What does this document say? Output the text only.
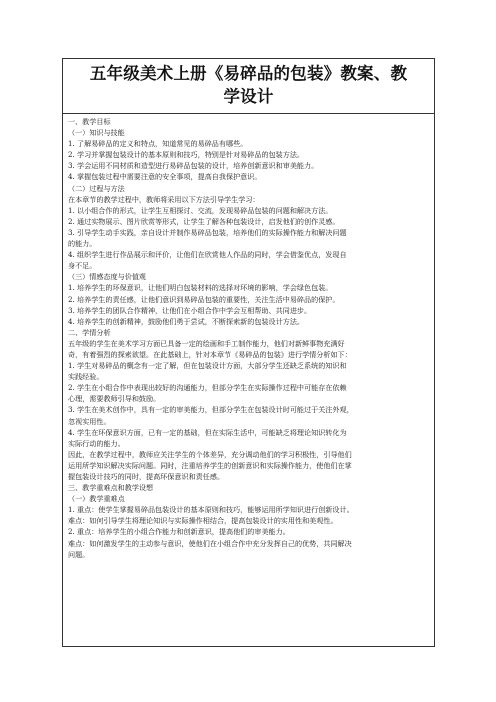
五年级美术上册《易碎品的包装》教案、教
学设计
一、教学目标
（一）知识与技能
1. 了解易碎品的定义和特点，知道常见的易碎品有哪些。
2. 学习并掌握包装设计的基本原则和技巧，特别是针对易碎品的包装方法。
3. 学会运用不同材质和造型进行易碎品包装的设计，培养创新意识和审美能力。
4. 掌握包装过程中需要注意的安全事项，提高自我保护意识。
（二）过程与方法
在本章节的教学过程中，教师将采用以下方法引导学生学习：
1. 以小组合作的形式，让学生互相探讨、交流，发现易碎品包装的问题和解决方法。
2. 通过实物展示、图片欣赏等形式，让学生了解各种包装设计，启发他们的创作灵感。
3. 引导学生动手实践，亲自设计并制作易碎品包装，培养他们的实际操作能力和解决问题
的能力。
4. 组织学生进行作品展示和评价，让他们在欣赏他人作品的同时，学会借鉴优点，发现自
身不足。
（三）情感态度与价值观
1. 培养学生的环保意识，让他们明白包装材料的选择对环境的影响，学会绿色包装。
2. 培养学生的责任感，让他们意识到易碎品包装的重要性，关注生活中易碎品的保护。
3. 培养学生的团队合作精神，让他们在小组合作中学会互相帮助、共同进步。
4. 培养学生的创新精神，鼓励他们勇于尝试，不断探索新的包装设计方法。
二、学情分析
五年级的学生在美术学习方面已具备一定的绘画和手工制作能力，他们对新鲜事物充满好
奇，有着强烈的探索欲望。在此基础上，针对本章节《易碎品的包装》进行学情分析如下：
1. 学生对易碎品的概念有一定了解，但在包装设计方面，大部分学生还缺乏系统的知识和
实践经验。
2. 学生在小组合作中表现出较好的沟通能力，但部分学生在实际操作过程中可能存在依赖
心理，需要教师引导和鼓励。
3. 学生在美术创作中，具有一定的审美能力，但部分学生在包装设计时可能过于关注外观，
忽视实用性。
4. 学生在环保意识方面，已有一定的基础，但在实际生活中，可能缺乏将理论知识转化为
实际行动的能力。
因此，在教学过程中，教师应关注学生的个体差异，充分调动他们的学习积极性，引导他们
运用所学知识解决实际问题。同时，注重培养学生的创新意识和实际操作能力，使他们在掌
握包装设计技巧的同时，提高环保意识和责任感。
三、教学重难点和教学设想
（一）教学重难点
1. 重点：使学生掌握易碎品包装设计的基本原则和技巧，能够运用所学知识进行创新设计。
难点：如何引导学生将理论知识与实际操作相结合，提高包装设计的实用性和美观性。
2. 重点：培养学生的小组合作能力和创新意识，提高他们的审美能力。
难点：如何激发学生的主动参与意识，使他们在小组合作中充分发挥自己的优势，共同解决
问题。
